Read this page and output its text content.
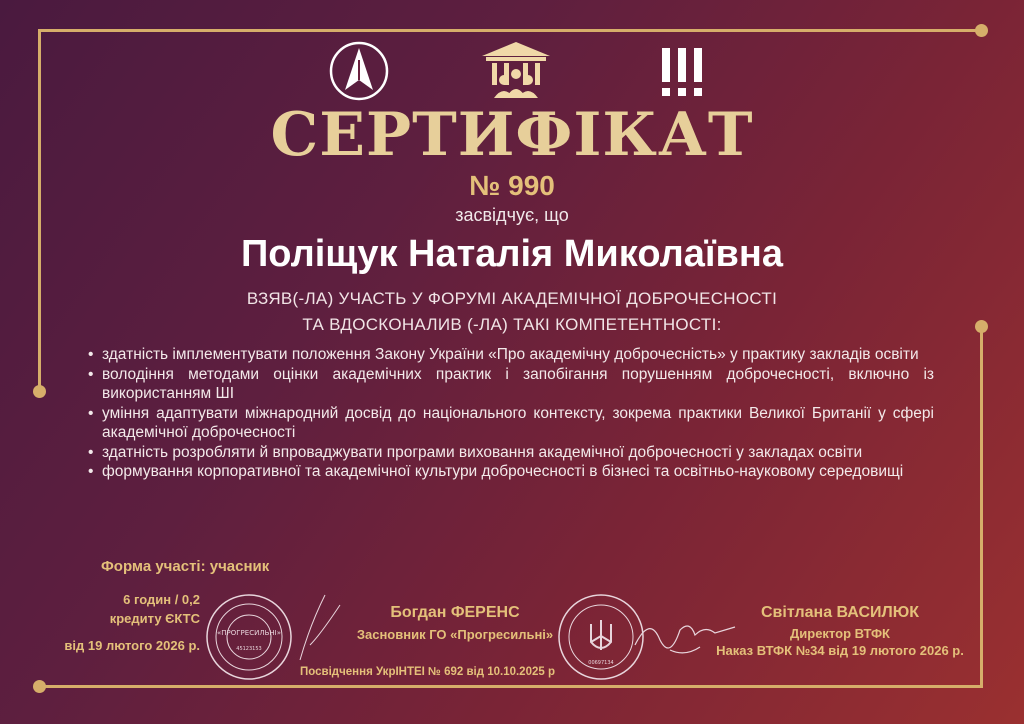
СЕРТИФІКАТ
№ 990
засвідчує, що
Поліщук Наталія Миколаївна
ВЗЯВ(-ЛА) УЧАСТЬ У ФОРУМІ АКАДЕМІЧНОЇ ДОБРОЧЕСНОСТІ
ТА ВДОСКОНАЛИВ (-ЛА) ТАКІ КОМПЕТЕНТНОСТІ:
• здатність імплементувати положення Закону України «Про академічну доброчесність» у практику закладів освіти
• володіння методами оцінки академічних практик і запобігання порушенням доброчесності, включно із використанням ШІ
• уміння адаптувати міжнародний досвід до національного контексту, зокрема практики Великої Британії у сфері академічної доброчесності
• здатність розробляти й впроваджувати програми виховання академічної доброчесності у закладах освіти
• формування корпоративної та академічної культури доброчесності в бізнесі та освітньо-науковому середовищі
Форма участі: учасник
6 годин / 0,2
кредиту ЄКТС
від 19 лютого 2026 р.
«ПРОГРЕСИЛЬНІ»
45123153
Богдан ФЕРЕНС
Засновник ГО «Прогресильні»
00697134
Світлана ВАСИЛЮК
Директор ВТФК
Наказ ВТФК №34 від 19 лютого 2026 р.
Посвідчення УкрІНТЕІ № 692 від 10.10.2025 р
